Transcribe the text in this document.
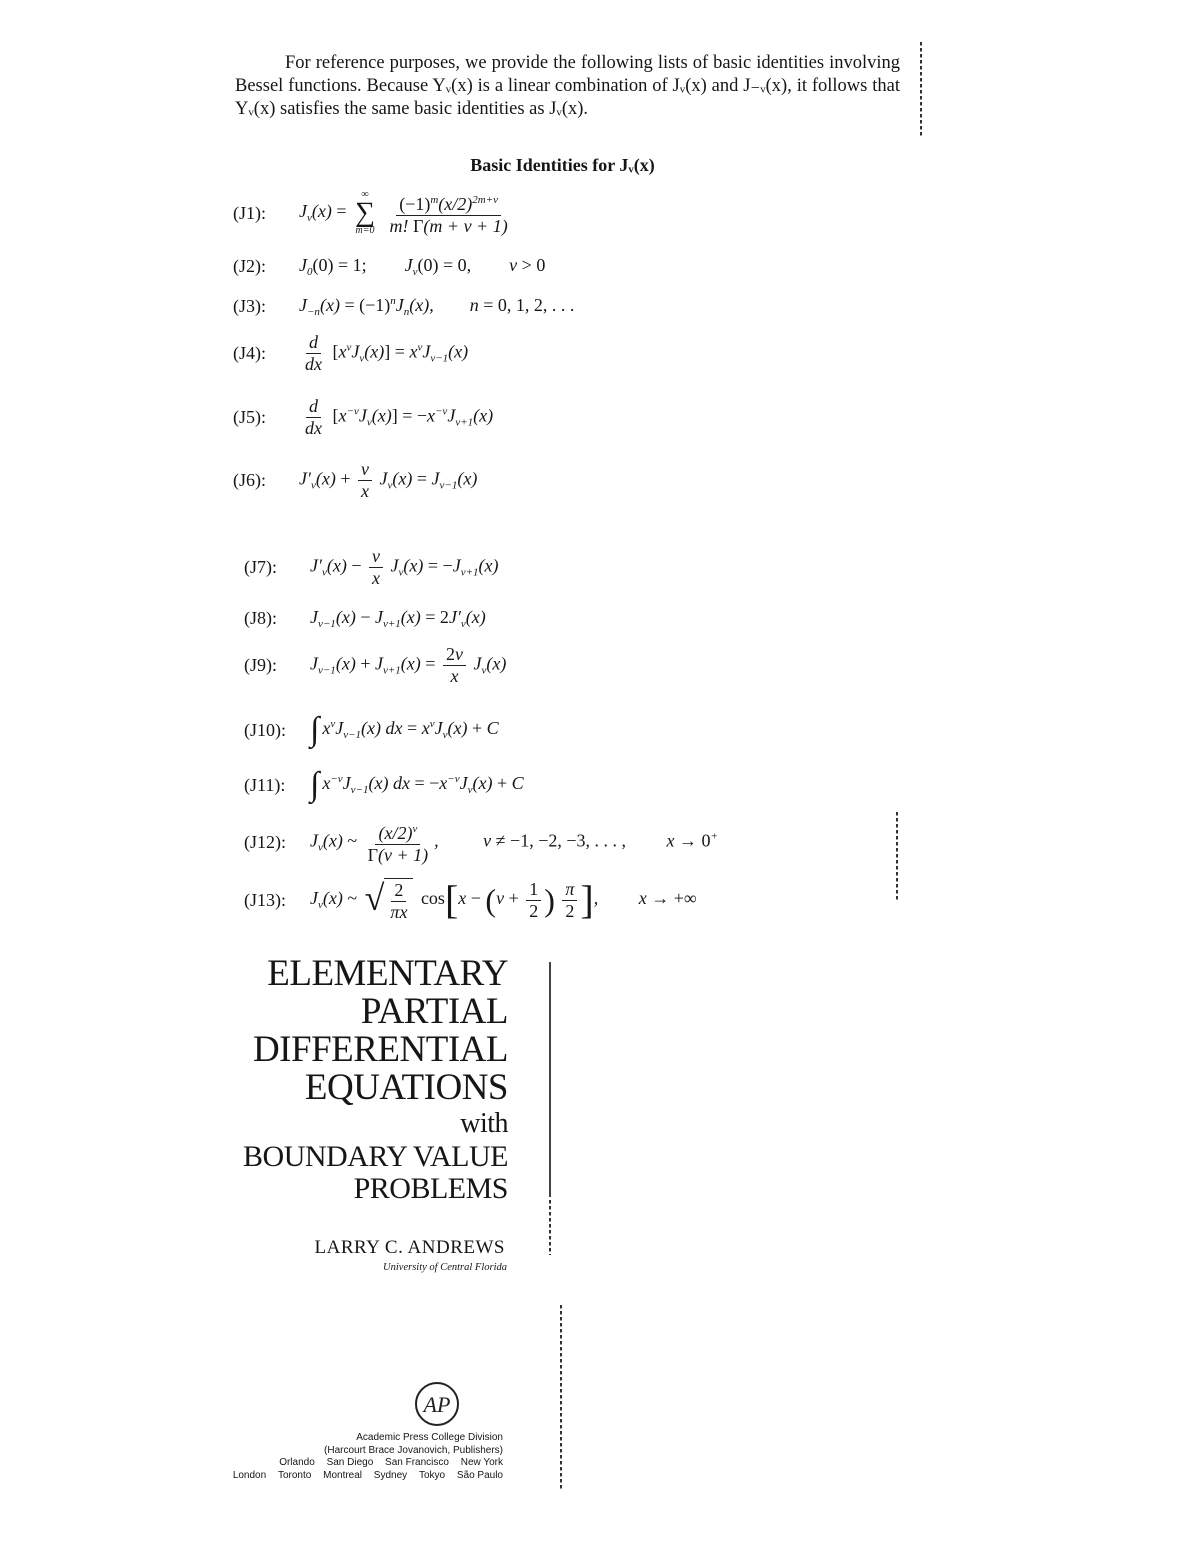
For reference purposes, we provide the following lists of basic identities involving Bessel functions. Because Yᵥ(x) is a linear combination of Jᵥ(x) and J₋ᵥ(x), it follows that Yᵥ(x) satisfies the same basic identities as Jᵥ(x).

Basic Identities for Jᵥ(x)
(J1):	$J_\nu(x)$ =
∞
∑
m=0
$\frac{(-1)^m(x/2)^{2m+\nu}}{m! \Gamma(m + \nu + 1)}$
(J2):	$J_0(0) = 1$; $J_\nu(0) = 0$, ν > 0
(J3):	$J_{-n}(x) = (-1)^nJ_n(x)$, n = 0, 1, 2, . . .
(J4):	$\frac{d}{dx} [x^\nu J_\nu(x)] = x^\nu J_{\nu-1}(x)$
(J5):	$\frac{d}{dx} [x^{-\nu}J_\nu(x)] = -x^{-\nu}J_{\nu+1}(x)$
(J6):	$J'_\nu(x) + \frac{\nu}{x} J_\nu(x) = J_{\nu-1}(x)$
(J7):	$J'_\nu(x) - \frac{\nu}{x} J_\nu(x) = -J_{\nu+1}(x)$
(J8):	$J_{\nu-1}(x) - J_{\nu+1}(x) = 2J'_\nu(x)$
(J9):	$J_{\nu-1}(x) + J_{\nu+1}(x) = \frac{2\nu}{x} J_\nu(x)$
(J10): ∫ $x^\nu J_{\nu-1}(x)$ dx = $x^\nu J_\nu(x) + C$
(J11): ∫ $x^{-\nu}J_{\nu-1}(x)$ dx = $-x^{-\nu}J_\nu(x) + C$
(J12):	$J_\nu(x)$ ~ $\frac{(x/2)^\nu}{\Gamma(\nu + 1)}$ , ν ≠ −1, −2, −3, . . . , x → 0+
(J13):	$J_\nu(x)$ ~ √ $\frac{2}{\pi x} \cos[x - (\nu + \frac{1}{2}$ ) $\frac{\pi}{2}$ ], x → +∞
ELEMENTARY
PARTIAL
DIFFERENTIAL
EQUATIONS
with
BOUNDARY VALUE
PROBLEMS
LARRY C. ANDREWS
University of Central Florida
AP
Academic Press College Division
(Harcourt Brace Jovanovich, Publishers)
Orlando San Diego San Francisco New York
London Toronto Montreal Sydney Tokyo São Paulo
